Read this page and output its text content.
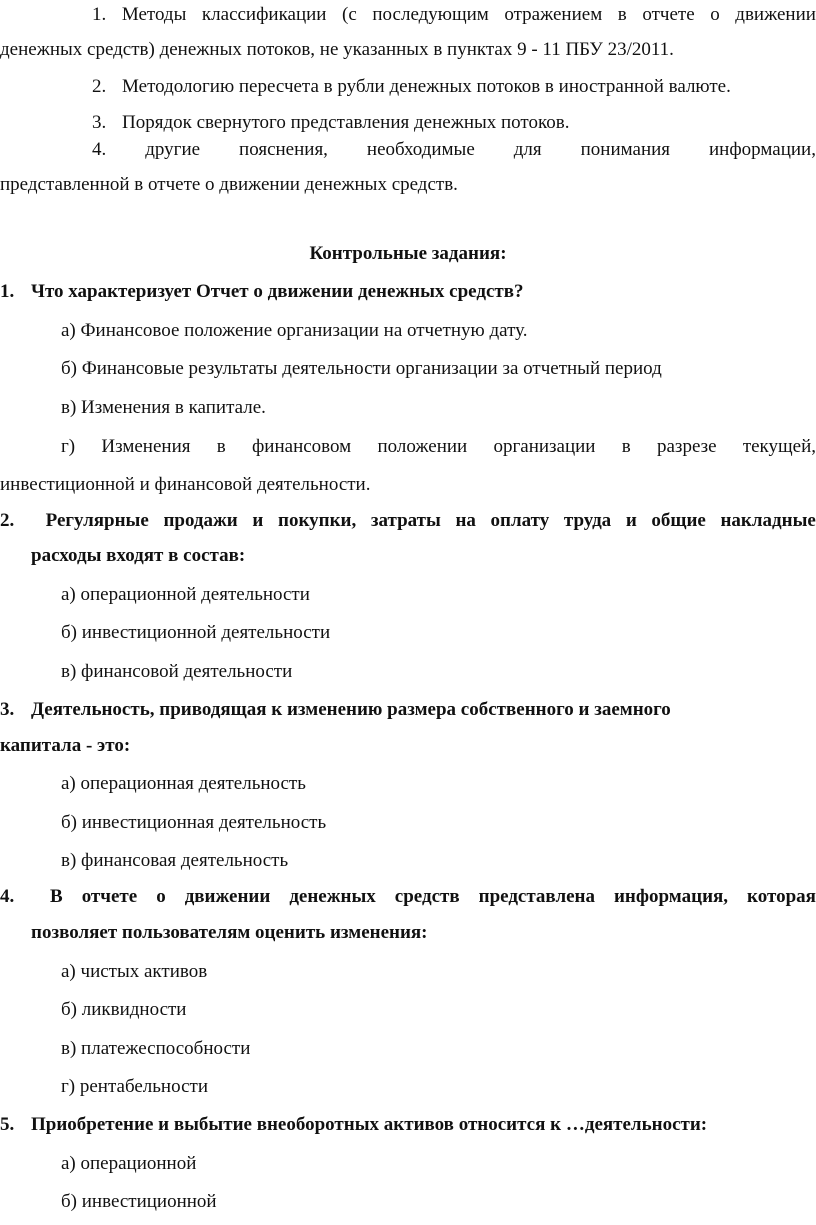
1. Методы классификации (с последующим отражением в отчете о движении
денежных средств) денежных потоков, не указанных в пунктах 9 - 11 ПБУ 23/2011.
2. Методологию пересчета в рубли денежных потоков в иностранной валюте.
3. Порядок свернутого представления денежных потоков.
4. другие пояснения, необходимые для понимания информации,
представленной в отчете о движении денежных средств.
Контрольные задания:
1. Что характеризует Отчет о движении денежных средств?
а) Финансовое положение организации на отчетную дату.
б) Финансовые результаты деятельности организации за отчетный период
в) Изменения в капитале.
г) Изменения в финансовом положении организации в разрезе текущей,
инвестиционной и финансовой деятельности.
2.	Регулярные продажи и покупки, затраты на оплату труда и общие накладные
расходы входят в состав:
а) операционной деятельности
б) инвестиционной деятельности
в) финансовой деятельности
3. Деятельность, приводящая к изменению размера собственного и заемного
капитала - это:
а) операционная деятельность
б) инвестиционная деятельность
в) финансовая деятельность
4.	В отчете о движении денежных средств представлена информация, которая
позволяет пользователям оценить изменения:
а) чистых активов
б) ликвидности
в) платежеспособности
г) рентабельности
5. Приобретение и выбытие внеоборотных активов относится к …деятельности:
а) операционной
б) инвестиционной
